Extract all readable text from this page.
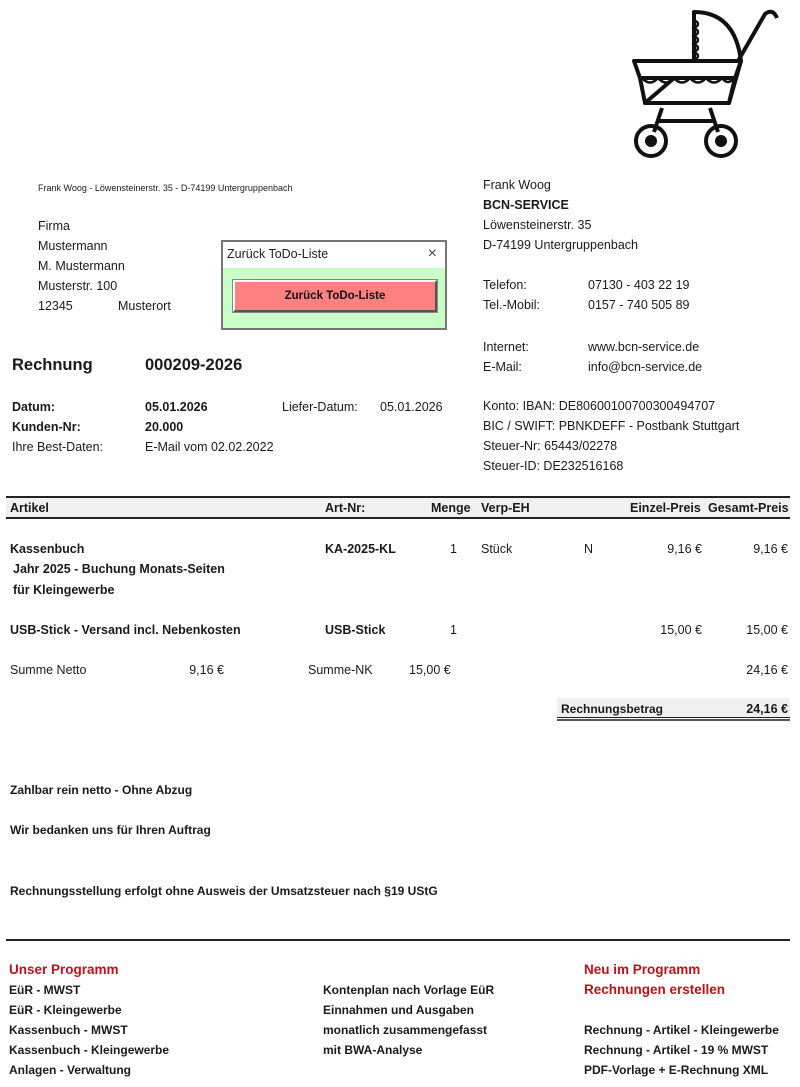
Frank Woog - Löwensteinerstr. 35 - D-74199 Untergruppenbach
Firma
Mustermann
M. Mustermann
Musterstr. 100
12345	Musterort
Zurück ToDo-Liste	×
Zurück ToDo-Liste
Frank Woog
BCN-SERVICE
Löwensteinerstr. 35
D-74199 Untergruppenbach
Telefon:	07130 - 403 22 19
Tel.-Mobil:	0157 - 740 505 89
Internet:	www.bcn-service.de
E-Mail:	info@bcn-service.de
Konto: IBAN: DE80600100700300494707
BIC / SWIFT: PBNKDEFF - Postbank Stuttgart
Steuer-Nr: 65443/02278
Steuer-ID: DE232516168
Rechnung	000209-2026
Datum:	05.01.2026	Liefer-Datum: 05.01.2026
Kunden-Nr:	20.000
Ihre Best-Daten:	E-Mail vom 02.02.2022
Artikel	Art-Nr:	Menge Verp-EH	Einzel-Preis Gesamt-Preis
Kassenbuch
Jahr 2025 - Buchung Monats-Seiten
für Kleingewerbe
KA-2025-KL	1 Stück	N	9,16 €	9,16 €
USB-Stick - Versand incl. Nebenkosten	USB-Stick	1	15,00 €	15,00 €
Summe Netto	9,16 €	Summe-NK	15,00 €	24,16 €
Rechnungsbetrag	24,16 €
Zahlbar rein netto - Ohne Abzug
Wir bedanken uns für Ihren Auftrag
Rechnungsstellung erfolgt ohne Ausweis der Umsatzsteuer nach §19 UStG
Unser Programm
EüR - MWST
EüR - Kleingewerbe
Kassenbuch - MWST
Kassenbuch - Kleingewerbe
Anlagen - Verwaltung
Kontenplan nach Vorlage EüR
Einnahmen und Ausgaben
monatlich zusammengefasst
mit BWA-Analyse
Neu im Programm
Rechnungen erstellen
Rechnung - Artikel - Kleingewerbe
Rechnung - Artikel - 19 % MWST
PDF-Vorlage + E-Rechnung XML
